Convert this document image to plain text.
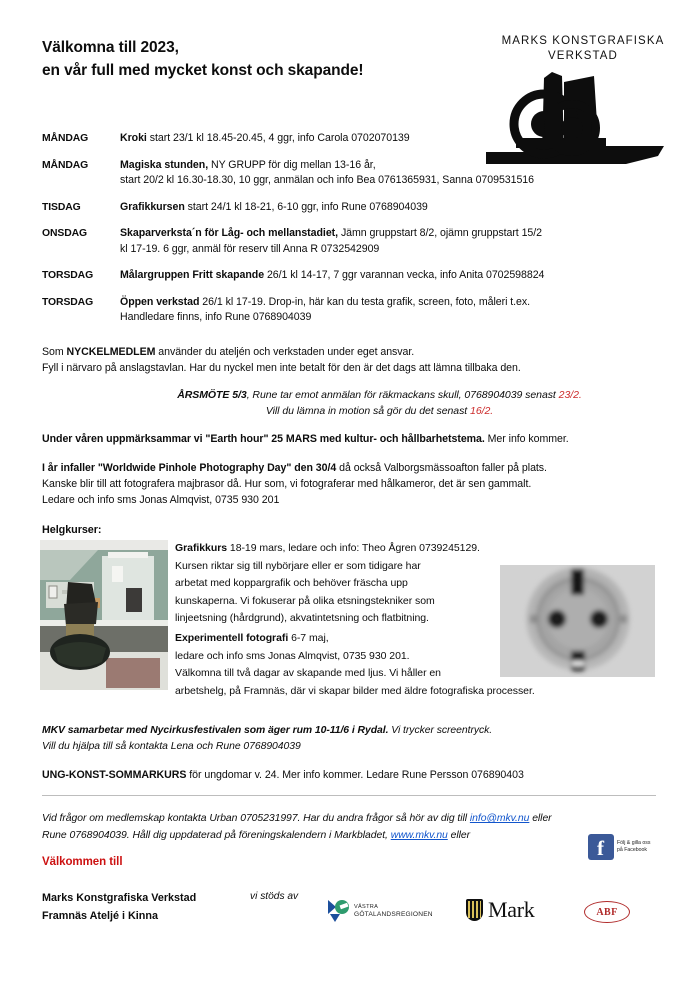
Välkomna till 2023,
en vår full med mycket konst och skapande!
MARKS KONSTGRAFISKA
VERKSTAD
MÅNDAG	Kroki start 23/1 kl 18.45-20.45, 4 ggr, info Carola 0702070139
MÅNDAG	Magiska stunden, NY GRUPP för dig mellan 13-16 år,
start 20/2 kl 16.30-18.30, 10 ggr, anmälan och info Bea 0761365931, Sanna 0709531516
TISDAG	Grafikkursen start 24/1 kl 18-21, 6-10 ggr, info Rune 0768904039
ONSDAG	Skaparverksta´n för Låg- och mellanstadiet, Jämn gruppstart 8/2, ojämn gruppstart 15/2
kl 17-19. 6 ggr, anmäl för reserv till Anna R 0732542909
TORSDAG	Målargruppen Fritt skapande 26/1 kl 14-17, 7 ggr varannan vecka, info Anita 0702598824
TORSDAG	Öppen verkstad 26/1 kl 17-19. Drop-in, här kan du testa grafik, screen, foto, måleri t.ex.
Handledare finns, info Rune 0768904039
Som NYCKELMEDLEM använder du ateljén och verkstaden under eget ansvar.
Fyll i närvaro på anslagstavlan. Har du nyckel men inte betalt för den är det dags att lämna tillbaka den.
ÅRSMÖTE 5/3, Rune tar emot anmälan för räkmackans skull, 0768904039 senast 23/2.
Vill du lämna in motion så gör du det senast 16/2.
Under våren uppmärksammar vi "Earth hour" 25 MARS med kultur- och hållbarhetstema. Mer info kommer.
I år infaller "Worldwide Pinhole Photography Day" den 30/4 då också Valborgsmässoafton faller på plats.
Kanske blir till att fotografera majbrasor då. Hur som, vi fotograferar med hålkameror, det är sen gammalt.
Ledare och info sms Jonas Almqvist, 0735 930 201
Helgkurser:
Grafikkurs 18-19 mars, ledare och info: Theo Ågren 0739245129.
Kursen riktar sig till nybörjare eller er som tidigare har
arbetat med koppargrafik och behöver fräscha upp
kunskaperna. Vi fokuserar på olika etsningstekniker som
linjeetsning (hårdgrund), akvatintetsning och flatbitning.
Experimentell fotografi 6-7 maj,
ledare och info sms Jonas Almqvist, 0735 930 201.
Välkomna till två dagar av skapande med ljus. Vi håller en
arbetshelg, på Framnäs, där vi skapar bilder med äldre fotografiska processer.
MKV samarbetar med Nycirkusfestivalen som äger rum 10-11/6 i Rydal. Vi trycker screentryck.
Vill du hjälpa till så kontakta Lena och Rune 0768904039
UNG-KONST-SOMMARKURS för ungdomar v. 24. Mer info kommer. Ledare Rune Persson 076890403
Vid frågor om medlemskap kontakta Urban 0705231997. Har du andra frågor så hör av dig till info@mkv.nu eller
Rune 0768904039. Håll dig uppdaterad på föreningskalendern i Markbladet, www.mkv.nu eller
f
Följ & gilla oss
på Facebook
Välkommen till
Marks Konstgrafiska Verkstad
Framnäs Ateljé i Kinna
vi stöds av
VÄSTRA
GÖTALANDSREGIONEN	Mark	ABF
